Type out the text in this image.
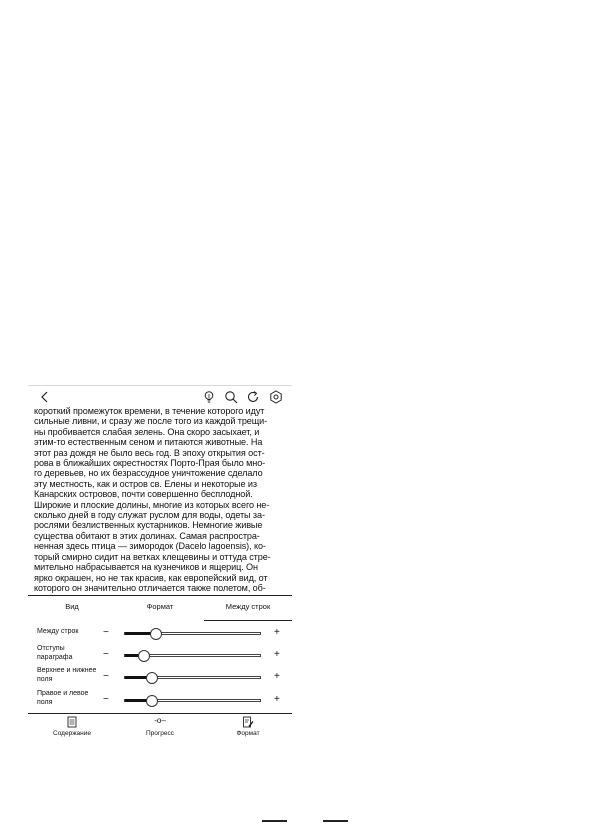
короткий промежуток времени, в течение которого идут

сильные ливни, и сразу же после того из каждой трещи-

ны пробивается слабая зелень. Она скоро засыхает, и

этим-то естественным сеном и питаются животные. На

этот раз дождя не было весь год. В эпоху открытия ост-

рова в ближайших окрестностях Порто-Прая было мно-

го деревьев, но их безрассудное уничтожение сделало

эту местность, как и остров св. Елены и некоторые из

Канарских островов, почти совершенно бесплодной.

Широкие и плоские долины, многие из которых всего не-

сколько дней в году служат руслом для воды, одеты за-

рослями безлиственных кустарников. Немногие живые

существа обитают в этих долинах. Самая распростра-

ненная здесь птица — зимородок (Dacelo lagoensis), ко-

торый смирно сидит на ветках клещевины и оттуда стре-

мительно набрасывается на кузнечиков и ящериц. Он

ярко окрашен, но не так красив, как европейский вид, от

которого он значительно отличается также полетом, об-

Вид	Формат	Между строк
Между строк	−	+
Отступы параграфа	−	+
Верхнее и нижнее поля	−	+
Правое и левое поля	−	+
Содержание
-o–
Прогресс	Формат
